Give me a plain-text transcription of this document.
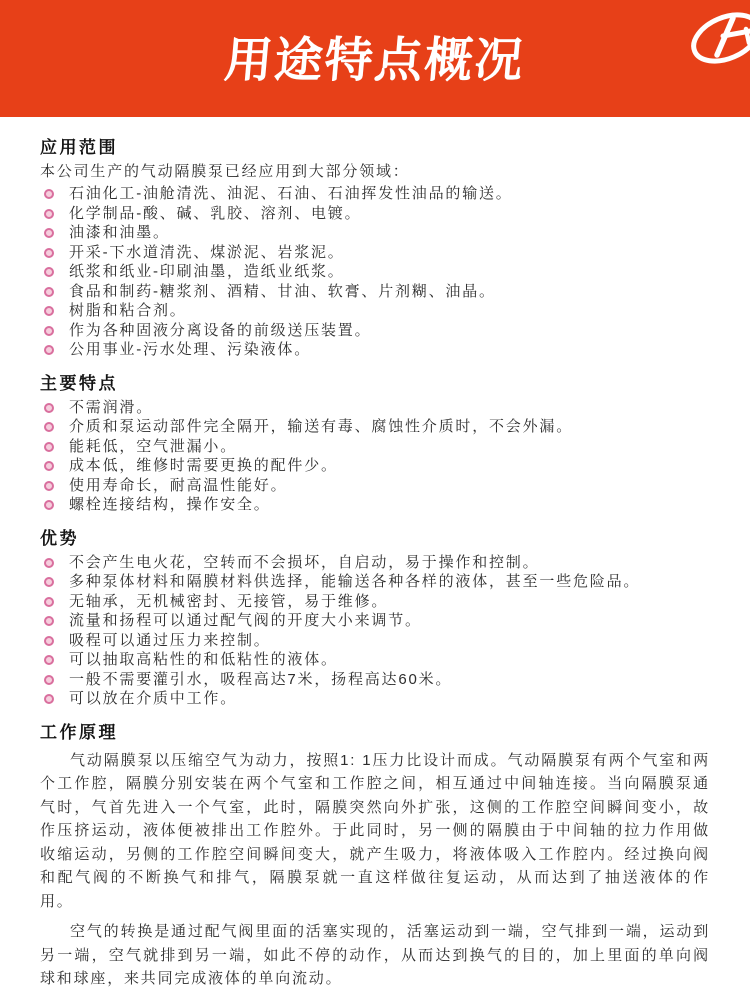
用途特点概况
应用范围

本公司生产的气动隔膜泵已经应用到大部分领域：

石油化工-油舱清洗、油泥、石油、石油挥发性油品的输送。
化学制品-酸、碱、乳胶、溶剂、电镀。
油漆和油墨。
开采-下水道清洗、煤淤泥、岩浆泥。
纸浆和纸业-印刷油墨，造纸业纸浆。
食品和制药-糖浆剂、酒精、甘油、软膏、片剂糊、油晶。
树脂和粘合剂。
作为各种固液分离设备的前级送压装置。
公用事业-污水处理、污染液体。
主要特点
不需润滑。
介质和泵运动部件完全隔开，输送有毒、腐蚀性介质时，不会外漏。
能耗低，空气泄漏小。
成本低，维修时需要更换的配件少。
使用寿命长，耐高温性能好。
螺栓连接结构，操作安全。
优势
不会产生电火花，空转而不会损坏，自启动，易于操作和控制。
多种泵体材料和隔膜材料供选择，能输送各种各样的液体，甚至一些危险品。
无轴承，无机械密封、无接管，易于维修。
流量和扬程可以通过配气阀的开度大小来调节。
吸程可以通过压力来控制。
可以抽取高粘性的和低粘性的液体。
一般不需要灌引水，吸程高达7米，扬程高达60米。
可以放在介质中工作。
工作原理

气动隔膜泵以压缩空气为动力，按照1: 1压力比设计而成。气动隔膜泵有两个气室和两个工作腔，隔膜分别安装在两个气室和工作腔之间，相互通过中间轴连接。当向隔膜泵通气时，气首先进入一个气室，此时，隔膜突然向外扩张，这侧的工作腔空间瞬间变小，故作压挤运动，液体便被排出工作腔外。于此同时，另一侧的隔膜由于中间轴的拉力作用做收缩运动，另侧的工作腔空间瞬间变大，就产生吸力，将液体吸入工作腔内。经过换向阀和配气阀的不断换气和排气，隔膜泵就一直这样做往复运动，从而达到了抽送液体的作用。

空气的转换是通过配气阀里面的活塞实现的，活塞运动到一端，空气排到一端，运动到另一端，空气就排到另一端，如此不停的动作，从而达到换气的目的，加上里面的单向阀球和球座，来共同完成液体的单向流动。
